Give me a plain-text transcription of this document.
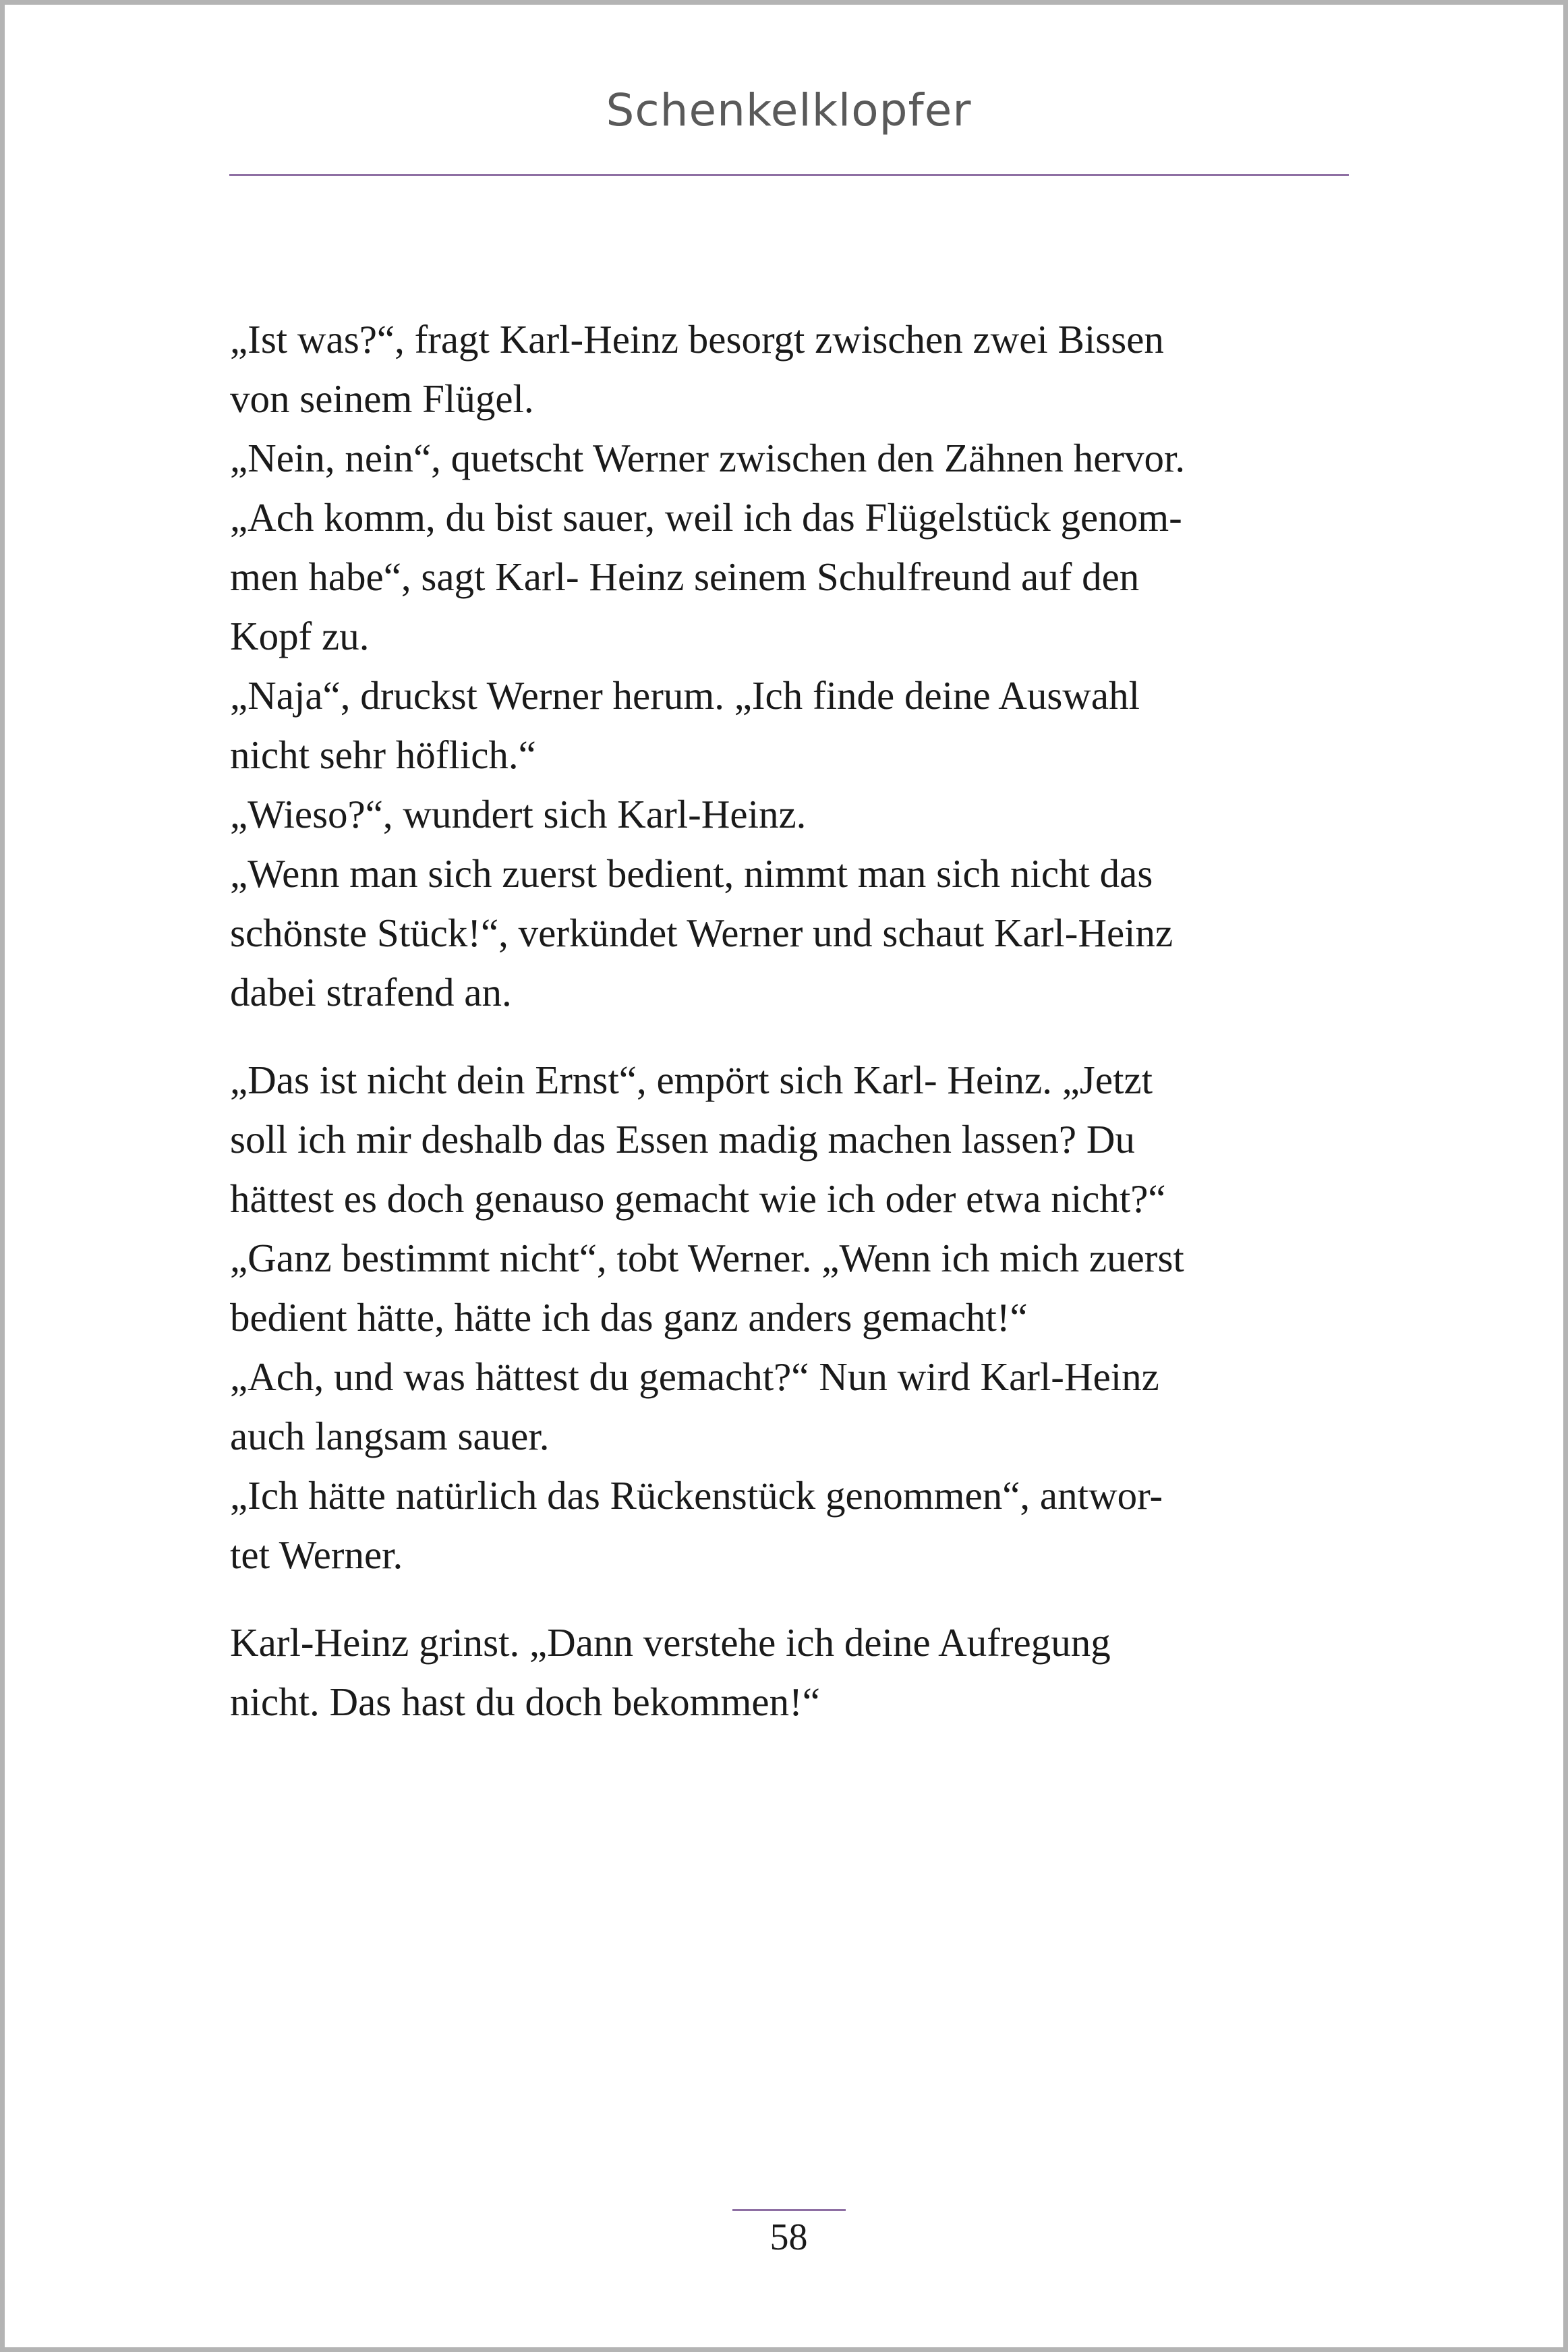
Schenkelklopfer

„Ist was?“, fragt Karl-Heinz besorgt zwischen zwei Bissen
von seinem Flügel.
„Nein, nein“, quetscht Werner zwischen den Zähnen hervor.
„Ach komm, du bist sauer, weil ich das Flügelstück genom-
men habe“, sagt Karl- Heinz seinem Schulfreund auf den
Kopf zu.
„Naja“, druckst Werner herum. „Ich finde deine Auswahl
nicht sehr höflich.“
„Wieso?“, wundert sich Karl-Heinz.
„Wenn man sich zuerst bedient, nimmt man sich nicht das
schönste Stück!“, verkündet Werner und schaut Karl-Heinz
dabei strafend an.

„Das ist nicht dein Ernst“, empört sich Karl- Heinz. „Jetzt
soll ich mir deshalb das Essen madig machen lassen? Du
hättest es doch genauso gemacht wie ich oder etwa nicht?“
„Ganz bestimmt nicht“, tobt Werner. „Wenn ich mich zuerst
bedient hätte, hätte ich das ganz anders gemacht!“
„Ach, und was hättest du gemacht?“ Nun wird Karl-Heinz
auch langsam sauer.
„Ich hätte natürlich das Rückenstück genommen“, antwor-
tet Werner.

Karl-Heinz grinst. „Dann verstehe ich deine Aufregung
nicht. Das hast du doch bekommen!“

58
